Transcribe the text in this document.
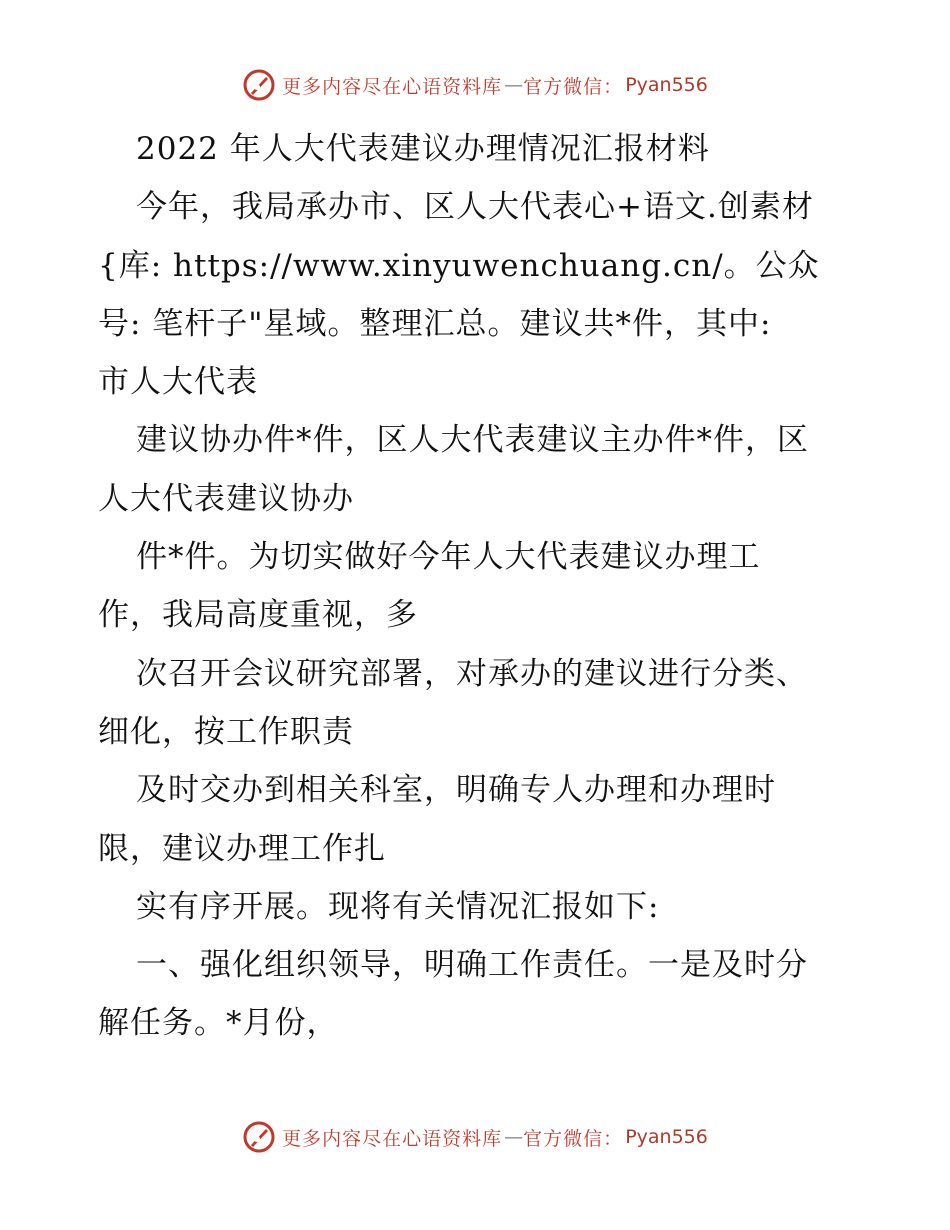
更多内容尽在心语资料库 — 官方微信： Pyan556
2022 年人大代表建议办理情况汇报材料
今年，我局承办市、区人大代表心+语文.创素材
{库: https://www.xinyuwenchuang.cn/。公众
号: 笔杆子"星域。整理汇总。建议共*件，其中:
市人大代表
建议协办件*件，区人大代表建议主办件*件，区
人大代表建议协办
件*件。为切实做好今年人大代表建议办理工
作，我局高度重视，多
次召开会议研究部署，对承办的建议进行分类、
细化，按工作职责
及时交办到相关科室，明确专人办理和办理时
限，建议办理工作扎
实有序开展。现将有关情况汇报如下:
一、强化组织领导，明确工作责任。一是及时分
解任务。*月份，
更多内容尽在心语资料库 — 官方微信： Pyan556
